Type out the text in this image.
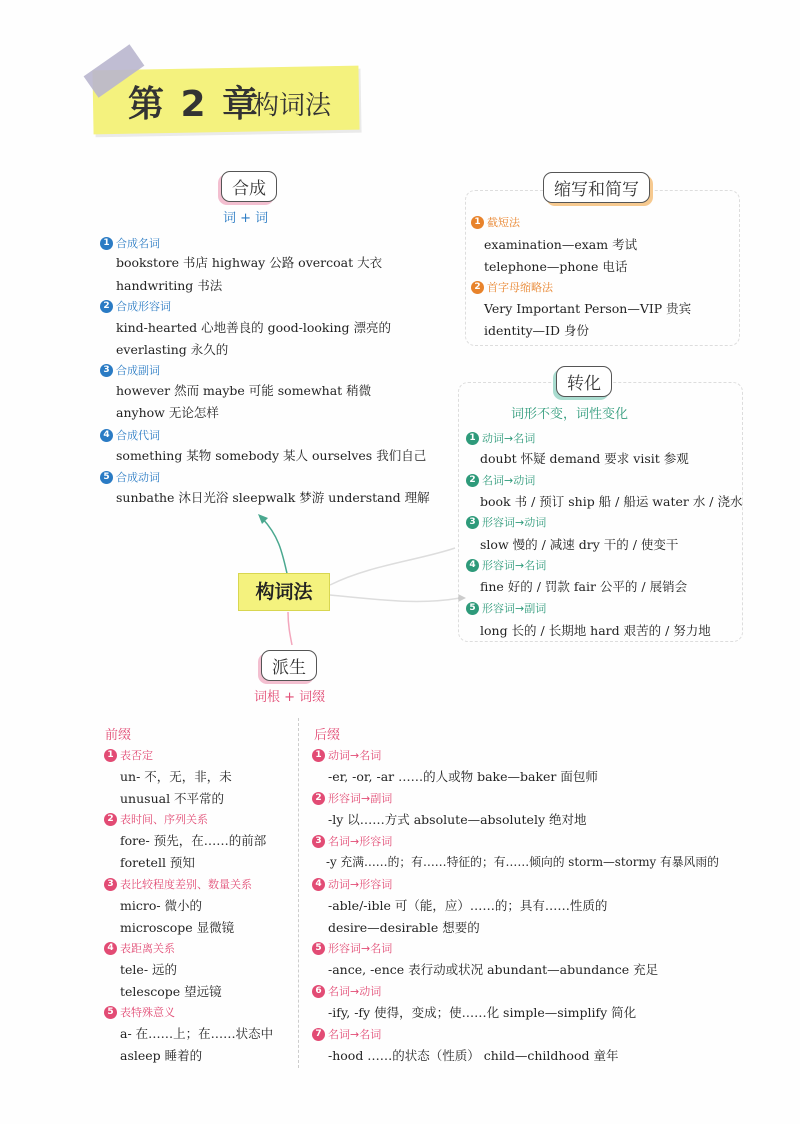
第 2 章
构词法
构词法
合成
词 + 词
1 合成名词
bookstore 书店 highway 公路 overcoat 大衣
handwriting 书法
2 合成形容词
kind-hearted 心地善良的 good-looking 漂亮的
everlasting 永久的
3 合成副词
however 然而 maybe 可能 somewhat 稍微
anyhow 无论怎样
4 合成代词
something 某物 somebody 某人 ourselves 我们自己
5 合成动词
sunbathe 沐日光浴 sleepwalk 梦游 understand 理解
缩写和简写
1 截短法
examination—exam 考试
telephone—phone 电话
2 首字母缩略法
Very Important Person—VIP 贵宾
identity—ID 身份
转化
词形不变，词性变化
1 动词→名词
doubt 怀疑 demand 要求 visit 参观
2 名词→动词
book 书 / 预订 ship 船 / 船运 water 水 / 浇水
3 形容词→动词
slow 慢的 / 减速 dry 干的 / 使变干
4 形容词→名词
fine 好的 / 罚款 fair 公平的 / 展销会
5 形容词→副词
long 长的 / 长期地 hard 艰苦的 / 努力地
派生
词根 + 词缀
前缀
1 表否定
un- 不，无，非，未
unusual 不平常的
2 表时间、序列关系
fore- 预先，在……的前部
foretell 预知
3 表比较程度差别、数量关系
micro- 微小的
microscope 显微镜
4 表距离关系
tele- 远的
telescope 望远镜
5 表特殊意义
a- 在……上；在……状态中
asleep 睡着的
后缀
1 动词→名词
-er, -or, -ar ……的人或物 bake—baker 面包师
2 形容词→副词
-ly 以……方式 absolute—absolutely 绝对地
3 名词→形容词
-y 充满……的；有……特征的；有……倾向的 storm—stormy 有暴风雨的
4 动词→形容词
-able/-ible 可（能，应）……的；具有……性质的
desire—desirable 想要的
5 形容词→名词
-ance, -ence 表行动或状况 abundant—abundance 充足
6 名词→动词
-ify, -fy 使得，变成；使……化 simple—simplify 简化
7 名词→名词
-hood ……的状态（性质） child—childhood 童年
